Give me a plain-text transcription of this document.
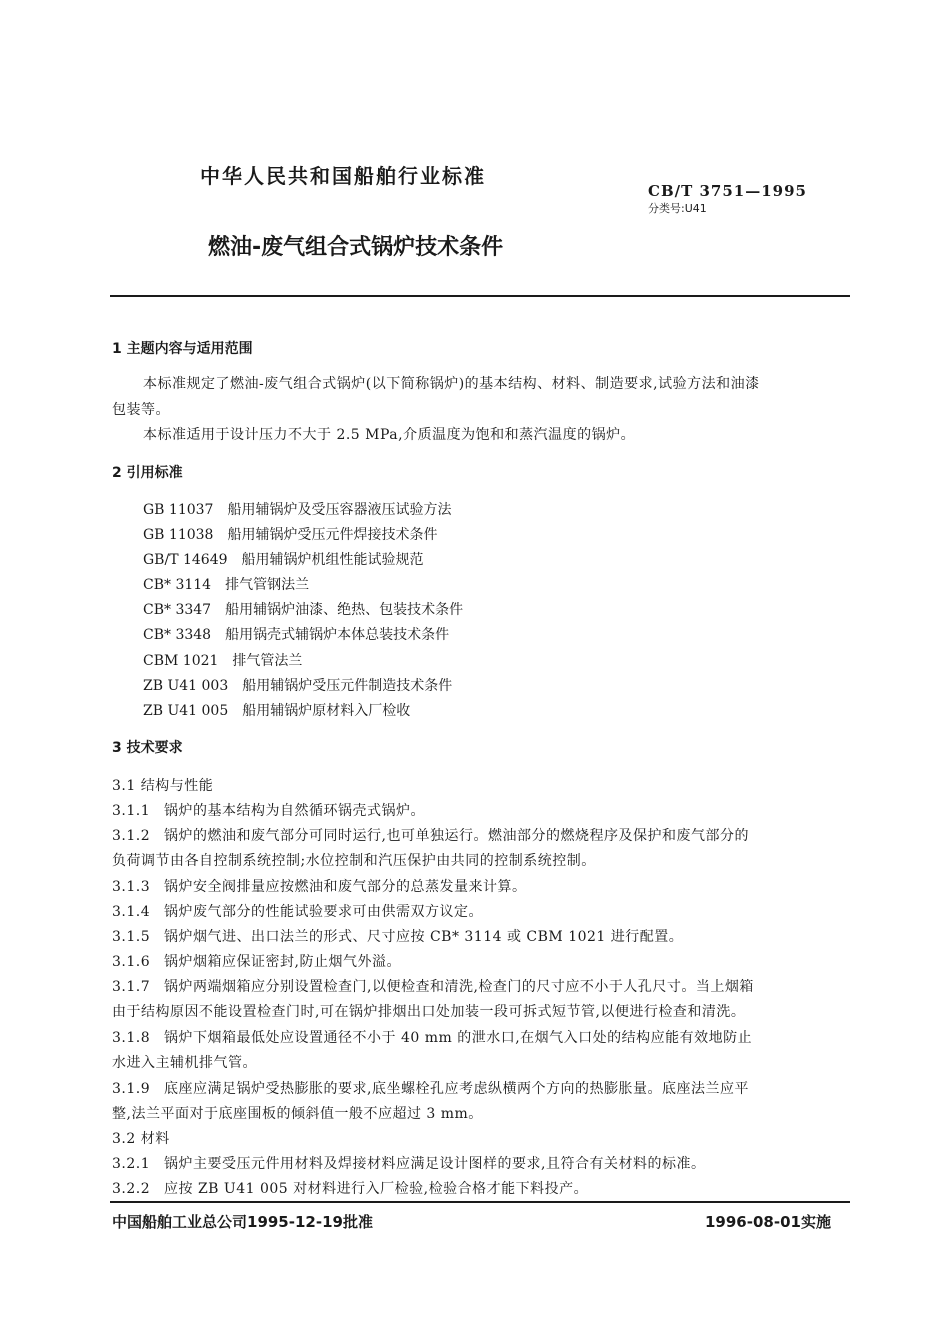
中华人民共和国船舶行业标准
CB/T 3751—1995
分类号:U41
燃油-废气组合式锅炉技术条件
1 主题内容与适用范围
本标准规定了燃油-废气组合式锅炉(以下简称锅炉)的基本结构、材料、制造要求,试验方法和油漆
包装等。
本标准适用于设计压力不大于 2.5 MPa,介质温度为饱和和蒸汽温度的锅炉。
2 引用标准
GB 11037 船用辅锅炉及受压容器液压试验方法
GB 11038 船用辅锅炉受压元件焊接技术条件
GB/T 14649 船用辅锅炉机组性能试验规范
CB* 3114 排气管钢法兰
CB* 3347 船用辅锅炉油漆、绝热、包装技术条件
CB* 3348 船用锅壳式辅锅炉本体总装技术条件
CBM 1021 排气管法兰
ZB U41 003 船用辅锅炉受压元件制造技术条件
ZB U41 005 船用辅锅炉原材料入厂检收
3 技术要求
3.1 结构与性能
3.1.1 锅炉的基本结构为自然循环锅壳式锅炉。
3.1.2 锅炉的燃油和废气部分可同时运行,也可单独运行。燃油部分的燃烧程序及保护和废气部分的
负荷调节由各自控制系统控制;水位控制和汽压保护由共同的控制系统控制。
3.1.3 锅炉安全阀排量应按燃油和废气部分的总蒸发量来计算。
3.1.4 锅炉废气部分的性能试验要求可由供需双方议定。
3.1.5 锅炉烟气进、出口法兰的形式、尺寸应按 CB* 3114 或 CBM 1021 进行配置。
3.1.6 锅炉烟箱应保证密封,防止烟气外溢。
3.1.7 锅炉两端烟箱应分别设置检查门,以便检查和清洗,检查门的尺寸应不小于人孔尺寸。当上烟箱
由于结构原因不能设置检查门时,可在锅炉排烟出口处加装一段可拆式短节管,以便进行检查和清洗。
3.1.8 锅炉下烟箱最低处应设置通径不小于 40 mm 的泄水口,在烟气入口处的结构应能有效地防止
水进入主辅机排气管。
3.1.9 底座应满足锅炉受热膨胀的要求,底坐螺栓孔应考虑纵横两个方向的热膨胀量。底座法兰应平
整,法兰平面对于底座围板的倾斜值一般不应超过 3 mm。
3.2 材料
3.2.1 锅炉主要受压元件用材料及焊接材料应满足设计图样的要求,且符合有关材料的标准。
3.2.2 应按 ZB U41 005 对材料进行入厂检验,检验合格才能下料投产。
中国船舶工业总公司1995-12-19批准	1996-08-01实施
